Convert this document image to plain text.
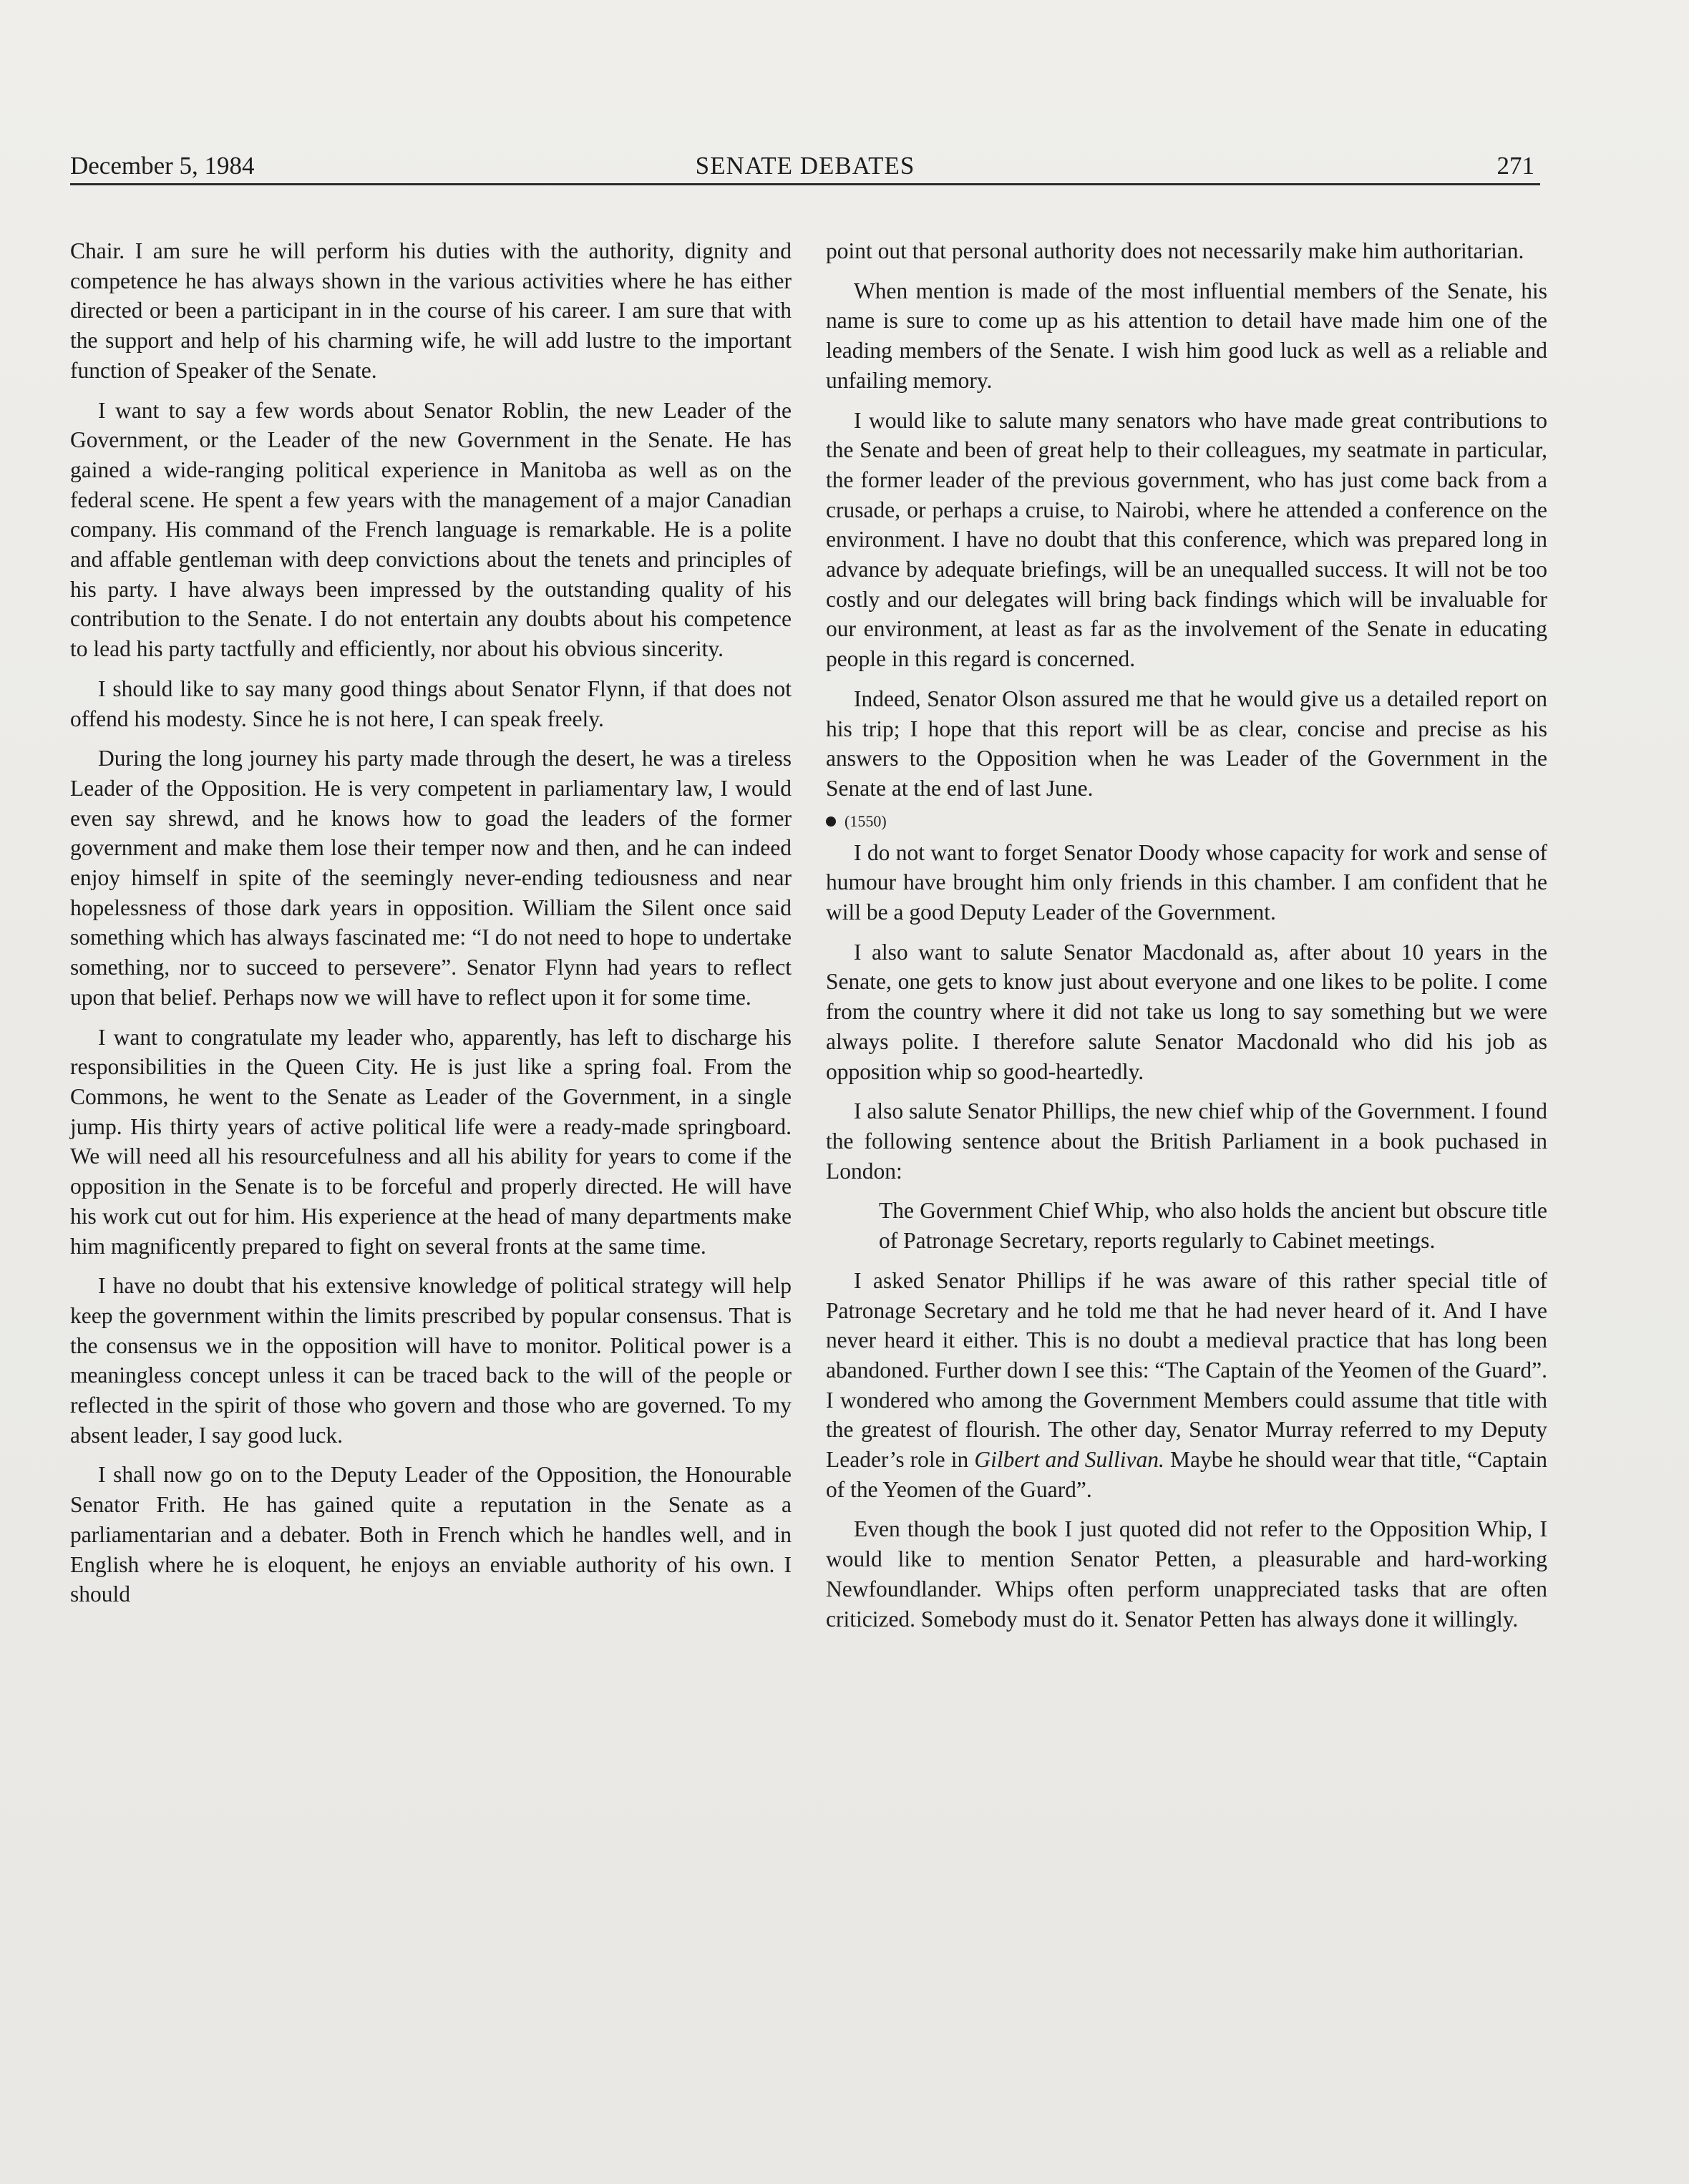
December 5, 1984	SENATE DEBATES	271

Chair. I am sure he will perform his duties with the authority, dignity and competence he has always shown in the various activities where he has either directed or been a participant in in the course of his career. I am sure that with the support and help of his charming wife, he will add lustre to the important function of Speaker of the Senate.

I want to say a few words about Senator Roblin, the new Leader of the Government, or the Leader of the new Government in the Senate. He has gained a wide-ranging political experience in Manitoba as well as on the federal scene. He spent a few years with the management of a major Canadian company. His command of the French language is remarkable. He is a polite and affable gentleman with deep convictions about the tenets and principles of his party. I have always been impressed by the outstanding quality of his contribution to the Senate. I do not entertain any doubts about his competence to lead his party tactfully and efficiently, nor about his obvious sincerity.

I should like to say many good things about Senator Flynn, if that does not offend his modesty. Since he is not here, I can speak freely.

During the long journey his party made through the desert, he was a tireless Leader of the Opposition. He is very competent in parliamentary law, I would even say shrewd, and he knows how to goad the leaders of the former government and make them lose their temper now and then, and he can indeed enjoy himself in spite of the seemingly never-ending tediousness and near hopelessness of those dark years in opposition. William the Silent once said something which has always fascinated me: “I do not need to hope to undertake something, nor to succeed to persevere”. Senator Flynn had years to reflect upon that belief. Perhaps now we will have to reflect upon it for some time.

I want to congratulate my leader who, apparently, has left to discharge his responsibilities in the Queen City. He is just like a spring foal. From the Commons, he went to the Senate as Leader of the Government, in a single jump. His thirty years of active political life were a ready-made springboard. We will need all his resourcefulness and all his ability for years to come if the opposition in the Senate is to be forceful and properly directed. He will have his work cut out for him. His experience at the head of many departments make him magnificently prepared to fight on several fronts at the same time.

I have no doubt that his extensive knowledge of political strategy will help keep the government within the limits prescribed by popular consensus. That is the consensus we in the opposition will have to monitor. Political power is a meaningless concept unless it can be traced back to the will of the people or reflected in the spirit of those who govern and those who are governed. To my absent leader, I say good luck.

I shall now go on to the Deputy Leader of the Opposition, the Honourable Senator Frith. He has gained quite a reputation in the Senate as a parliamentarian and a debater. Both in French which he handles well, and in English where he is eloquent, he enjoys an enviable authority of his own. I should

point out that personal authority does not necessarily make him authoritarian.

When mention is made of the most influential members of the Senate, his name is sure to come up as his attention to detail have made him one of the leading members of the Senate. I wish him good luck as well as a reliable and unfailing memory.

I would like to salute many senators who have made great contributions to the Senate and been of great help to their colleagues, my seatmate in particular, the former leader of the previous government, who has just come back from a crusade, or perhaps a cruise, to Nairobi, where he attended a conference on the environment. I have no doubt that this conference, which was prepared long in advance by adequate briefings, will be an unequalled success. It will not be too costly and our delegates will bring back findings which will be invaluable for our environment, at least as far as the involvement of the Senate in educating people in this regard is concerned.

Indeed, Senator Olson assured me that he would give us a detailed report on his trip; I hope that this report will be as clear, concise and precise as his answers to the Opposition when he was Leader of the Government in the Senate at the end of last June.

(1550)

I do not want to forget Senator Doody whose capacity for work and sense of humour have brought him only friends in this chamber. I am confident that he will be a good Deputy Leader of the Government.

I also want to salute Senator Macdonald as, after about 10 years in the Senate, one gets to know just about everyone and one likes to be polite. I come from the country where it did not take us long to say something but we were always polite. I therefore salute Senator Macdonald who did his job as opposition whip so good-heartedly.

I also salute Senator Phillips, the new chief whip of the Government. I found the following sentence about the British Parliament in a book puchased in London:

The Government Chief Whip, who also holds the ancient but obscure title of Patronage Secretary, reports regularly to Cabinet meetings.

I asked Senator Phillips if he was aware of this rather special title of Patronage Secretary and he told me that he had never heard of it. And I have never heard it either. This is no doubt a medieval practice that has long been abandoned. Further down I see this: “The Captain of the Yeomen of the Guard”. I wondered who among the Government Members could assume that title with the greatest of flourish. The other day, Senator Murray referred to my Deputy Leader’s role in Gilbert and Sullivan. Maybe he should wear that title, “Captain of the Yeomen of the Guard”.

Even though the book I just quoted did not refer to the Opposition Whip, I would like to mention Senator Petten, a pleasurable and hard-working Newfoundlander. Whips often perform unappreciated tasks that are often criticized. Somebody must do it. Senator Petten has always done it willingly.
